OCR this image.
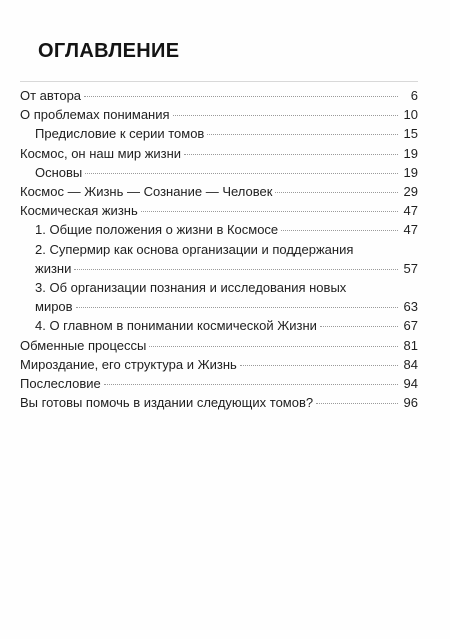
ОГЛАВЛЕНИЕ
От автора	6
О проблемах понимания	10
Предисловие к серии томов	15
Космос, он наш мир жизни	19
Основы	19
Космос — Жизнь — Сознание — Человек	29
Космическая жизнь	47
1. Общие положения о жизни в Космосе	47
2. Супермир как основа организации и поддержания
жизни	57
3. Об организации познания и исследования новых
миров	63
4. О главном в понимании космической Жизни	67
Обменные процессы	81
Мироздание, его структура и Жизнь	84
Послесловие	94
Вы готовы помочь в издании следующих томов?	96
